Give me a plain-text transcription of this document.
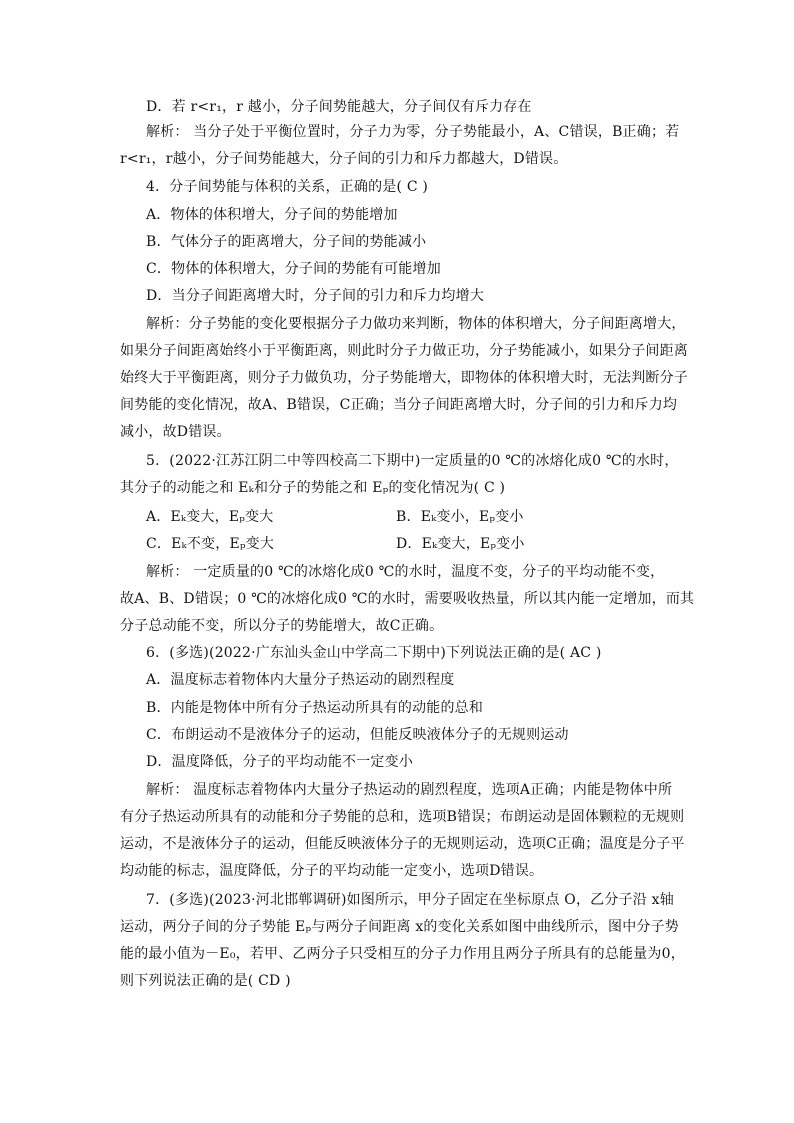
D．若 r<r₁，r 越小，分子间势能越大，分子间仅有斥力存在

解析： 当分子处于平衡位置时，分子力为零，分子势能最小，A、C错误，B正确；若

r<r₁，r越小，分子间势能越大，分子间的引力和斥力都越大，D错误。

4．分子间势能与体积的关系，正确的是( C )

A．物体的体积增大，分子间的势能增加

B．气体分子的距离增大，分子间的势能减小

C．物体的体积增大，分子间的势能有可能增加

D．当分子间距离增大时，分子间的引力和斥力均增大

解析：分子势能的变化要根据分子力做功来判断，物体的体积增大，分子间距离增大，

如果分子间距离始终小于平衡距离，则此时分子力做正功，分子势能减小，如果分子间距离

始终大于平衡距离，则分子力做负功，分子势能增大，即物体的体积增大时，无法判断分子

间势能的变化情况，故A、B错误，C正确；当分子间距离增大时，分子间的引力和斥力均

减小，故D错误。

5．(2022·江苏江阴二中等四校高二下期中)一定质量的0 ℃的冰熔化成0 ℃的水时，

其分子的动能之和 Eₖ和分子的势能之和 Eₚ的变化情况为( C )

A．Eₖ变大，Eₚ变大	B．Eₖ变小，Eₚ变小

C．Eₖ不变，Eₚ变大	D．Eₖ变大，Eₚ变小

解析： 一定质量的0 ℃的冰熔化成0 ℃的水时，温度不变，分子的平均动能不变，

故A、B、D错误；0 ℃的冰熔化成0 ℃的水时，需要吸收热量，所以其内能一定增加，而其

分子总动能不变，所以分子的势能增大，故C正确。

6．(多选)(2022·广东汕头金山中学高二下期中)下列说法正确的是( AC )

A．温度标志着物体内大量分子热运动的剧烈程度

B．内能是物体中所有分子热运动所具有的动能的总和

C．布朗运动不是液体分子的运动，但能反映液体分子的无规则运动

D．温度降低，分子的平均动能不一定变小

解析： 温度标志着物体内大量分子热运动的剧烈程度，选项A正确；内能是物体中所

有分子热运动所具有的动能和分子势能的总和，选项B错误；布朗运动是固体颗粒的无规则

运动，不是液体分子的运动，但能反映液体分子的无规则运动，选项C正确；温度是分子平

均动能的标志，温度降低，分子的平均动能一定变小，选项D错误。

7．(多选)(2023·河北邯郸调研)如图所示，甲分子固定在坐标原点 O，乙分子沿 x轴

运动，两分子间的分子势能 Eₚ与两分子间距离 x的变化关系如图中曲线所示，图中分子势

能的最小值为－E₀，若甲、乙两分子只受相互的分子力作用且两分子所具有的总能量为0，

则下列说法正确的是( CD )
